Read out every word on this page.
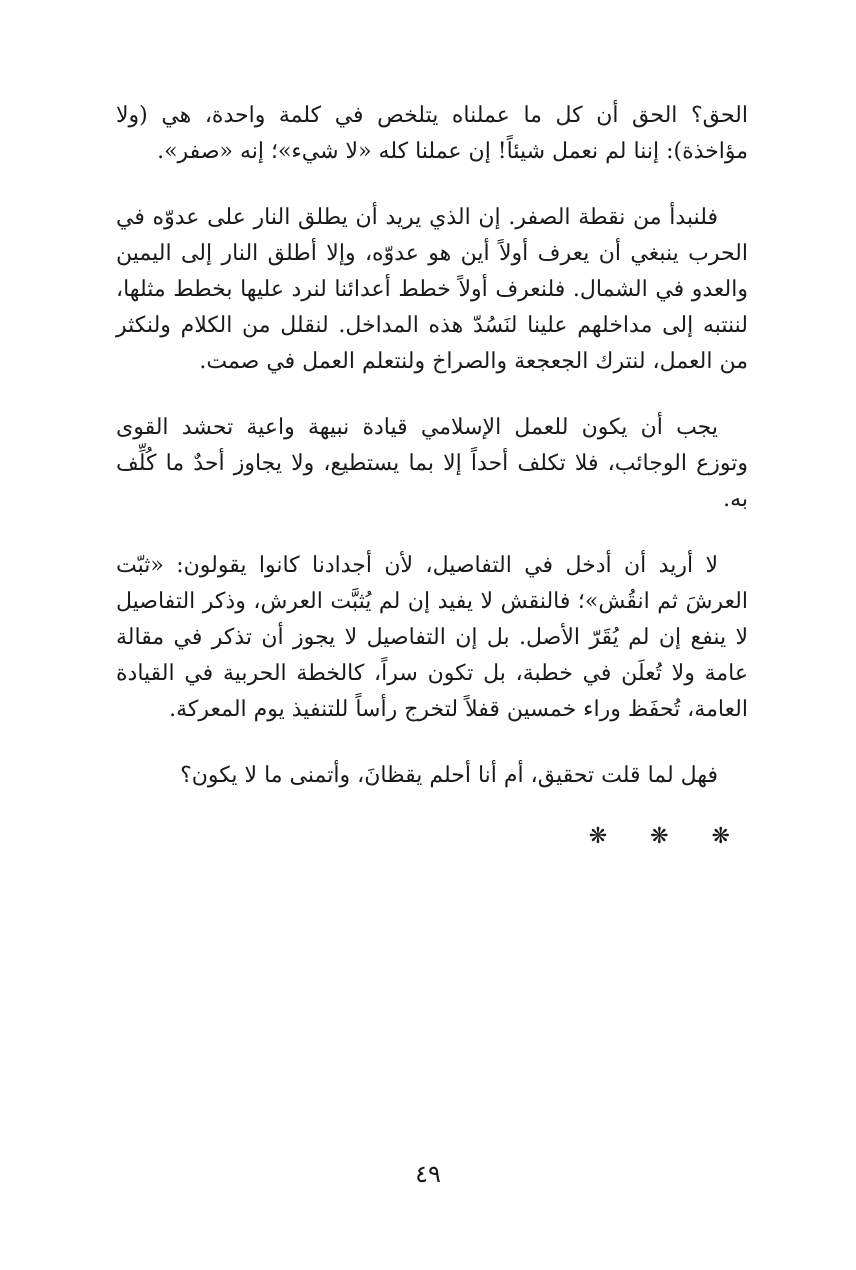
الحق؟ الحق أن كل ما عملناه يتلخص في كلمة واحدة، هي (ولا مؤاخذة): إننا لم نعمل شيئاً! إن عملنا كله «لا شيء»؛ إنه «صفر».

فلنبدأ من نقطة الصفر. إن الذي يريد أن يطلق النار على عدوّه في الحرب ينبغي أن يعرف أولاً أين هو عدوّه، وإلا أطلق النار إلى اليمين والعدو في الشمال. فلنعرف أولاً خطط أعدائنا لنرد عليها بخطط مثلها، لننتبه إلى مداخلهم علينا لنَسُدّ هذه المداخل. لنقلل من الكلام ولنكثر من العمل، لنترك الجعجعة والصراخ ولنتعلم العمل في صمت.

يجب أن يكون للعمل الإسلامي قيادة نبيهة واعية تحشد القوى وتوزع الوجائب، فلا تكلف أحداً إلا بما يستطيع، ولا يجاوز أحدٌ ما كُلِّف به.

لا أريد أن أدخل في التفاصيل، لأن أجدادنا كانوا يقولون: «ثبّت العرشَ ثم انقُش»؛ فالنقش لا يفيد إن لم يُثبَّت العرش، وذكر التفاصيل لا ينفع إن لم يُقَرّ الأصل. بل إن التفاصيل لا يجوز أن تذكر في مقالة عامة ولا تُعلَن في خطبة، بل تكون سراً، كالخطة الحربية في القيادة العامة، تُحفَظ وراء خمسين قفلاً لتخرج رأساً للتنفيذ يوم المعركة.

فهل لما قلت تحقيق، أم أنا أحلم يقظانَ، وأتمنى ما لا يكون؟

❋ ❋ ❋
٤٩
